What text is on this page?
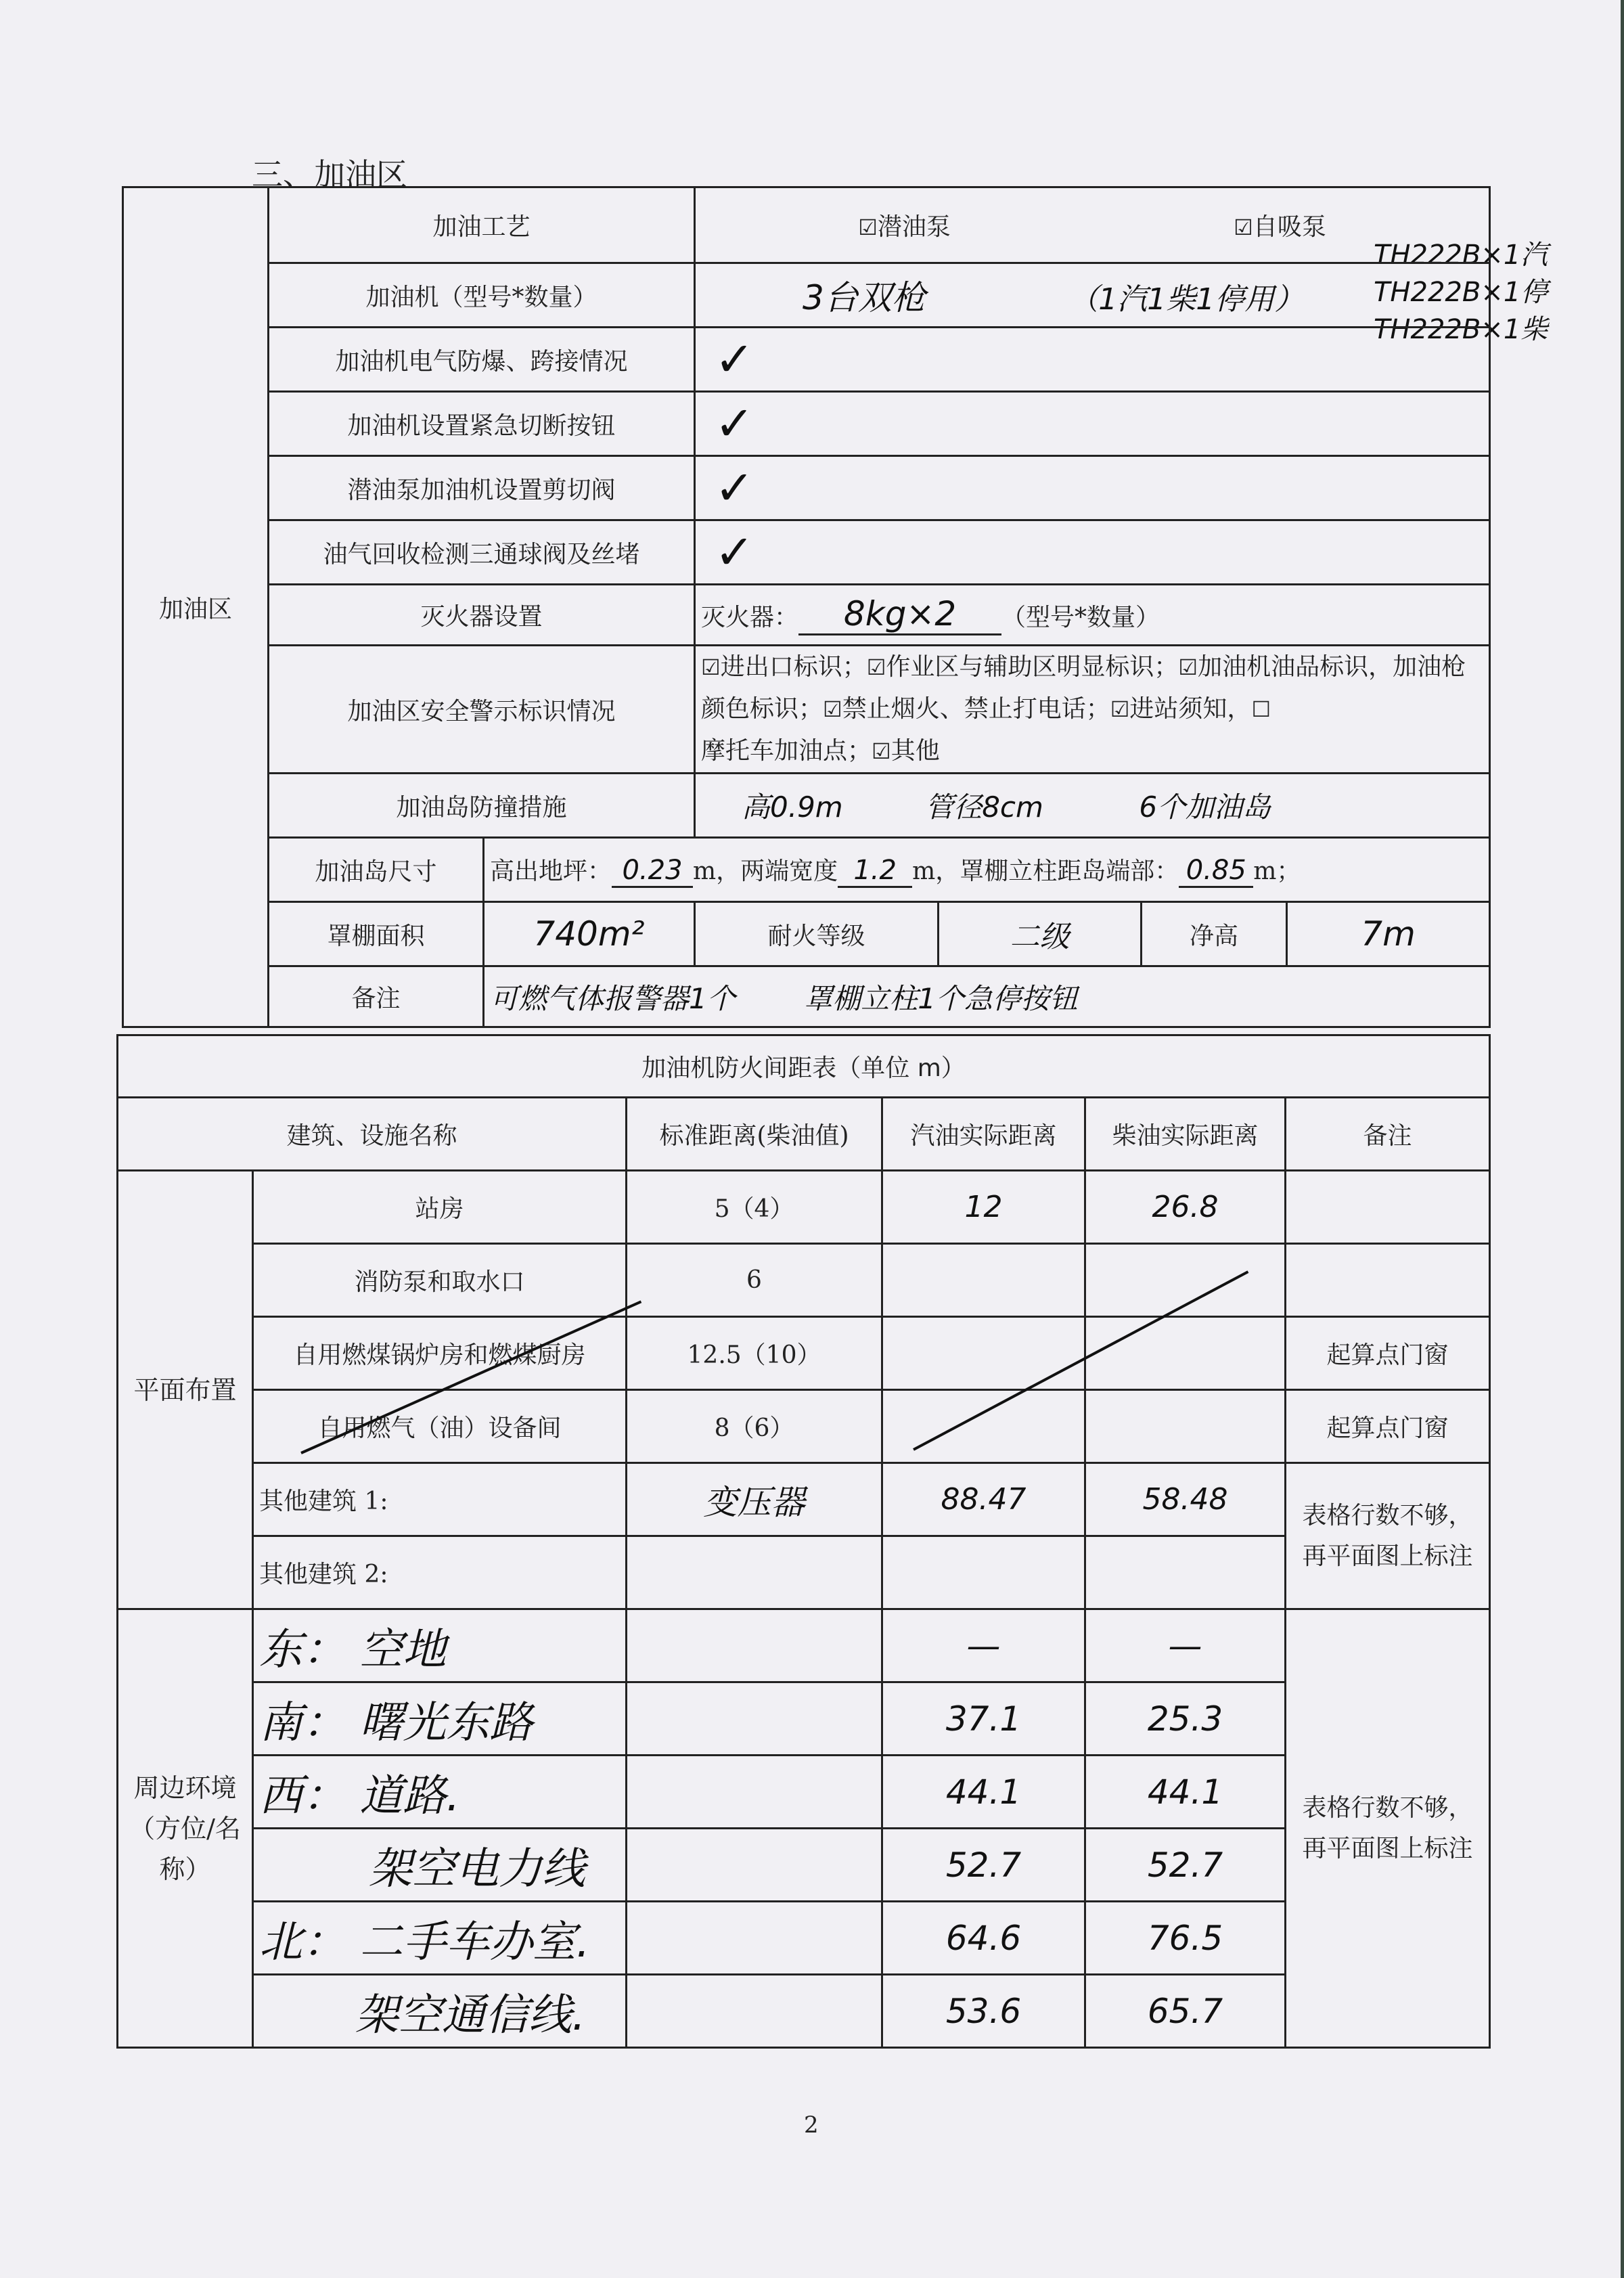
三、加油区
TH222B×1汽
TH222B×1停
TH222B×1柴
加油区	加油工艺		☑潜油泵 ☑自吸泵			
	加油机（型号*数量）		3台双枪 （1汽1柴1停用）			
	加油机电气防爆、跨接情况		✓			
	加油机设置紧急切断按钮		✓			
	潜油泵加油机设置剪切阀		✓			
	油气回收检测三通球阀及丝堵		✓			
	灭火器设置		灭火器： 8kg×2 （型号*数量）			
	加油区安全警示标识情况		☑进出口标识；☑作业区与辅助区明显标识；☑加油机油品标识，加油枪颜色标识；☑禁止烟火、禁止打电话；☑进站须知，☐
摩托车加油点；☑其他			
	加油岛防撞措施		高0.9m 管径8cm 6个加油岛			
	加油岛尺寸	高出地坪： 0.23 m，两端宽度 1.2 m，罩棚立柱距岛端部： 0.85 m；				
	罩棚面积	740m²	耐火等级	二级	净高	7m
	备注	可燃气体报警器1个 罩棚立柱1个急停按钮				
加油机防火间距表（单位 m）					
建筑、设施名称		标准距离(柴油值)	汽油实际距离	柴油实际距离	备注
平面布置	站房	5（4）	12	26.8	
	消防泵和取水口	6			
	自用燃煤锅炉房和燃煤厨房	12.5（10）			起算点门窗
	自用燃气（油）设备间	8（6）			起算点门窗
	其他建筑 1:	变压器	88.47	58.48	表格行数不够，再平面图上标注
	其他建筑 2:				
周边环境（方位/名称）	东： 空地		—	—	表格行数不够，再平面图上标注
	南： 曙光东路		37.1	25.3	
	西： 道路.		44.1	44.1	
	架空电力线		52.7	52.7	
	北： 二手车办室.		64.6	76.5	
	架空通信线.		53.6	65.7	
2
